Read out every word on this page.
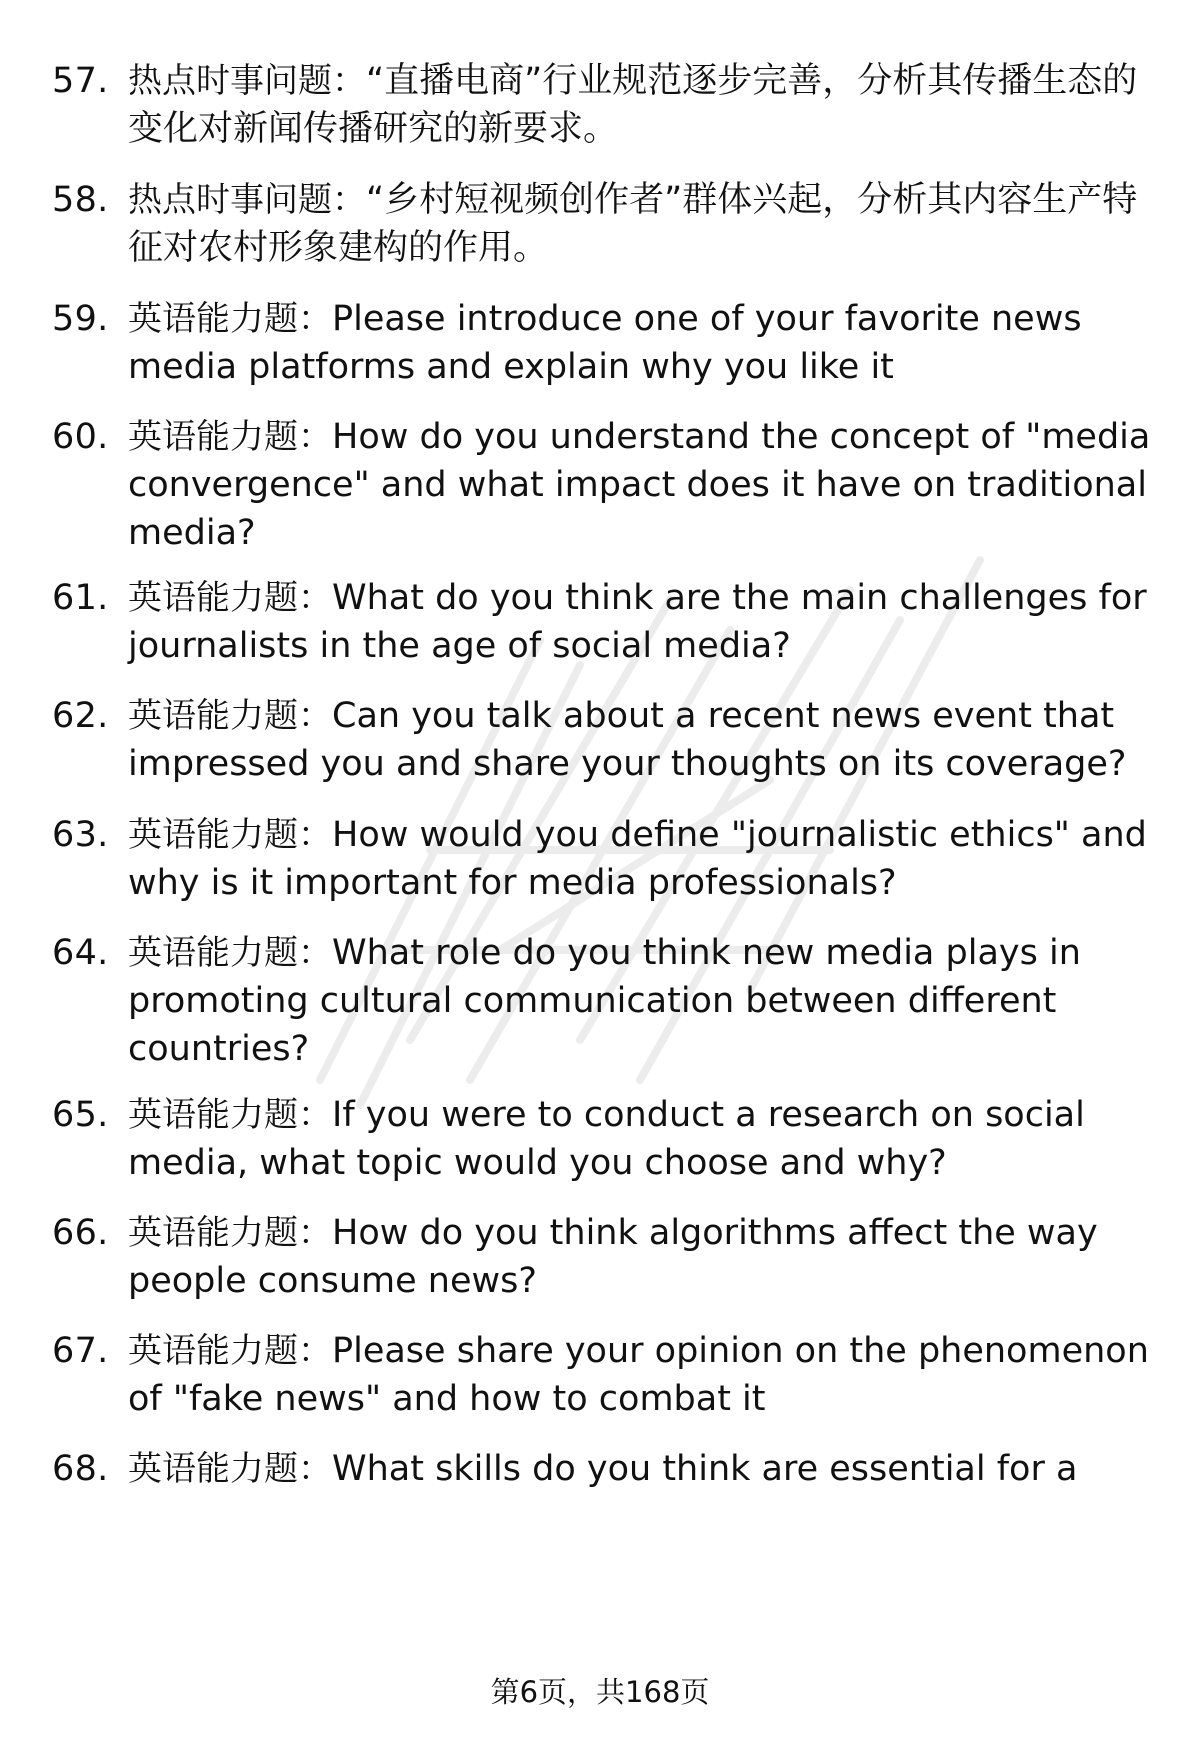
57. 热点时事问题：“直播电商”行业规范逐步完善，分析其传播生态的变化对新闻传播研究的新要求。
58. 热点时事问题：“乡村短视频创作者”群体兴起，分析其内容生产特征对农村形象建构的作用。
59. 英语能力题：Please introduce one of your favorite news media platforms and explain why you like it
60. 英语能力题：How do you understand the concept of "media convergence" and what impact does it have on traditional media?
61. 英语能力题：What do you think are the main challenges for journalists in the age of social media?
62. 英语能力题：Can you talk about a recent news event that impressed you and share your thoughts on its coverage?
63. 英语能力题：How would you define "journalistic ethics" and why is it important for media professionals?
64. 英语能力题：What role do you think new media plays in promoting cultural communication between different countries?
65. 英语能力题：If you were to conduct a research on social media, what topic would you choose and why?
66. 英语能力题：How do you think algorithms affect the way people consume news?
67. 英语能力题：Please share your opinion on the phenomenon of "fake news" and how to combat it
68. 英语能力题：What skills do you think are essential for a
第6页，共168页
